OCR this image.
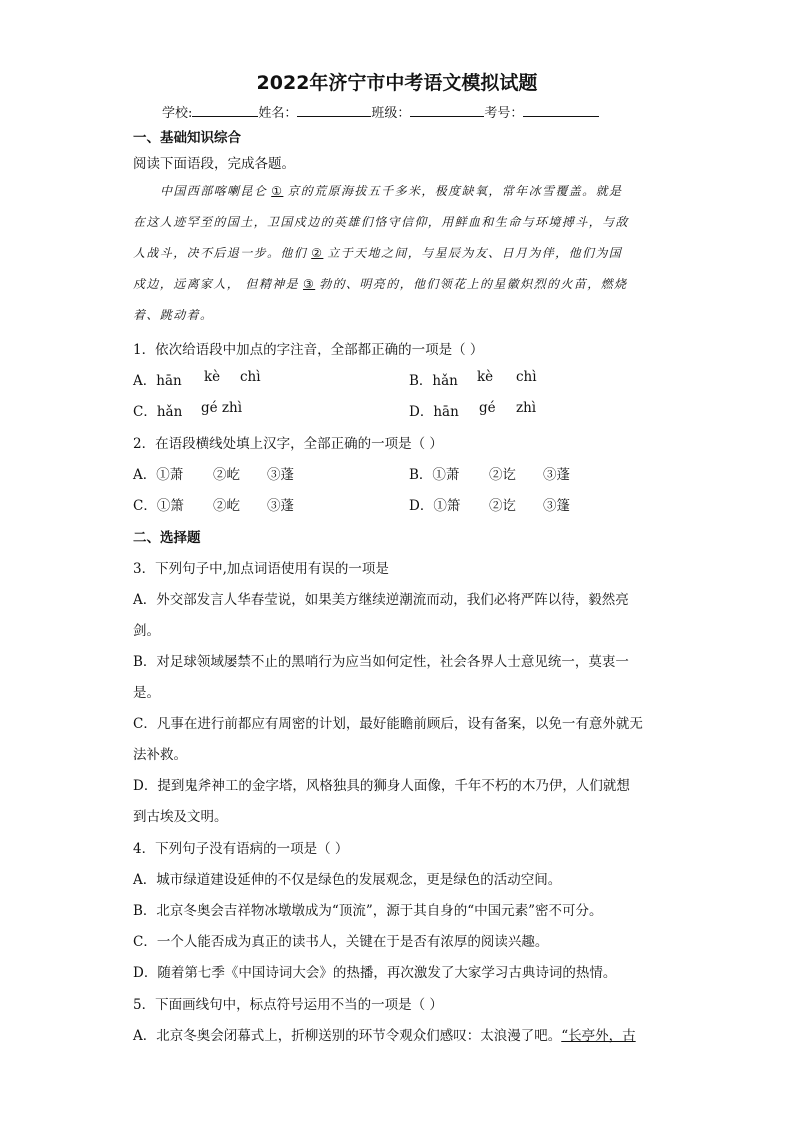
2022年济宁市中考语文模拟试题
学校:	姓名：	班级：	考号：
一、基础知识综合
阅读下面语段，完成各题。
中国西部喀喇昆仑 ① 京的荒原海拔五千多米，极度缺氧，常年冰雪覆盖。就是
在这人迹罕至的国土，卫国戍边的英雄们恪守信仰，用鲜血和生命与环境搏斗，与敌
人战斗，决不后退一步。他们 ② 立于天地之间，与星辰为友、日月为伴，他们为国
戍边，远离家人， 但精神是 ③ 勃的、明亮的，他们领花上的星徽炽烈的火苗，燃烧
着、跳动着。
1．依次给语段中加点的字注音，全部都正确的一项是（ ）
A．hān kè chì	B．hǎn kè chì
C．hǎn gé zhì	D．hān gé zhì
2．在语段横线处填上汉字，全部正确的一项是（ ）
A．①萧 ②屹 ③蓬	B．①萧 ②讫 ③蓬
C．①箫 ②屹 ③蓬	D．①箫 ②讫 ③篷
二、选择题
3．下列句子中,加点词语使用有误的一项是
A．外交部发言人华春莹说，如果美方继续逆潮流而动，我们必将严阵以待，毅然亮
剑。
B．对足球领域屡禁不止的黑哨行为应当如何定性，社会各界人士意见统一，莫衷一
是。
C．凡事在进行前都应有周密的计划，最好能瞻前顾后，设有备案，以免一有意外就无
法补救。
D．提到鬼斧神工的金字塔，风格独具的狮身人面像，千年不朽的木乃伊，人们就想
到古埃及文明。
4．下列句子没有语病的一项是（ ）
A．城市绿道建设延伸的不仅是绿色的发展观念，更是绿色的活动空间。
B．北京冬奥会吉祥物冰墩墩成为“顶流”，源于其自身的“中国元素”密不可分。
C．一个人能否成为真正的读书人，关键在于是否有浓厚的阅读兴趣。
D．随着第七季《中国诗词大会》的热播，再次激发了大家学习古典诗词的热情。
5．下面画线句中，标点符号运用不当的一项是（ ）
A．北京冬奥会闭幕式上，折柳送别的环节令观众们感叹：太浪漫了吧。“长亭外，古
